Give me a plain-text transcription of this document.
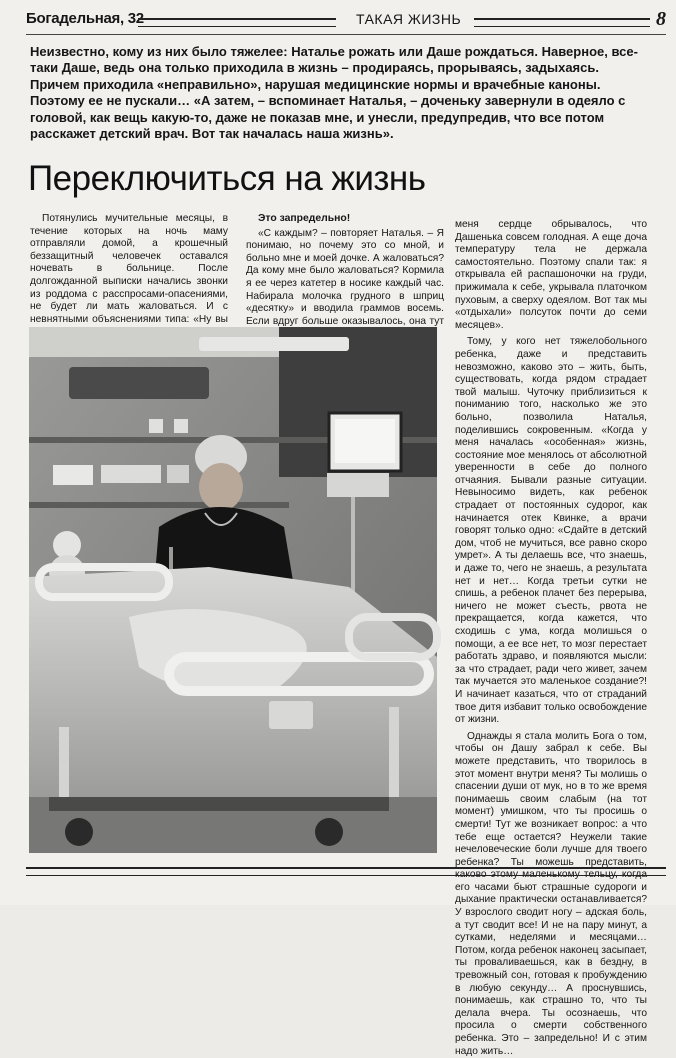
Богадельная, 32	ТАКАЯ ЖИЗНЬ	8
Неизвестно, кому из них было тяжелее: Наталье рожать или Даше рождаться. Наверное, все-таки Даше, ведь она только приходила в жизнь – продираясь, прорываясь, задыхаясь. Причем приходила «неправильно», нарушая медицинские нормы и врачебные каноны. Поэтому ее не пускали… «А затем, – вспоминает Наталья, – доченьку завернули в одеяло с головой, как вещь какую-то, даже не показав мне, и унесли, предупредив, что все потом расскажет детский врач. Вот так началась наша жизнь».
Переключиться на жизнь

Потянулись мучительные месяцы, в течение которых на ночь маму отправляли домой, а крошечный беззащитный человечек оставался ночевать в больнице. После долгожданной выписки начались звонки из роддома с расспросами-опасениями, не будет ли мать жаловаться. И с невнятными объяснениями типа: «Ну вы

Это запредельно!

«С каждым? – повторяет Наталья. – Я понимаю, но почему это со мной, и больно мне и моей дочке. А жаловаться? Да кому мне было жаловаться? Кормила я ее через катетер в носике каждый час. Набирала молочка грудного в шприц «десятку» и вводила граммов восемь. Если вдруг больше оказывалось, она тут

меня сердце обрывалось, что Дашенька совсем голодная. А еще доча температуру тела не держала самостоятельно. Поэтому спали так: я открывала ей распашоночки на груди, прижимала к себе, укрывала платочком пуховым, а сверху одеялом. Вот так мы «отдыхали» полсуток почти до семи месяцев».

Тому, у кого нет тяжелобольного ребенка, даже и представить невозможно, каково это – жить, быть, существовать, когда рядом страдает твой малыш. Чуточку приблизиться к пониманию того, насколько же это больно, позволила Наталья, поделившись сокровенным. «Когда у меня началась «особенная» жизнь, состояние мое менялось от абсолютной уверенности в себе до полного отчаяния. Бывали разные ситуации. Невыносимо видеть, как ребенок страдает от постоянных судорог, как начинается отек Квинке, а врачи говорят только одно: «Сдайте в детский дом, чтоб не мучиться, все равно скоро умрет». А ты делаешь все, что знаешь, и даже то, чего не знаешь, а результата нет и нет… Когда третьи сутки не спишь, а ребенок плачет без перерыва, ничего не может съесть, рвота не прекращается, когда кажется, что сходишь с ума, когда молишься о помощи, а ее все нет, то мозг перестает работать здраво, и появляются мысли: за что страдает, ради чего живет, зачем так мучается это маленькое создание?! И начинает казаться, что от страданий твое дитя избавит только освобождение от жизни.

Однажды я стала молить Бога о том, чтобы он Дашу забрал к себе. Вы можете представить, что творилось в этот момент внутри меня? Ты молишь о спасении души от мук, но в то же время понимаешь своим слабым (на тот момент) умишком, что ты просишь о смерти! Тут же возникает вопрос: а что тебе еще остается? Неужели такие нечеловеческие боли лучше для твоего ребенка? Ты можешь представить, каково этому маленькому тельцу, когда его часами бьют страшные судороги и дыхание практически останавливается? У взрослого сводит ногу – адская боль, а тут сводит все! И не на пару минут, а сутками, неделями и месяцами… Потом, когда ребенок наконец засыпает, ты проваливаешься, как в бездну, в тревожный сон, готовая к пробуждению в любую секунду… А проснувшись, понимаешь, как страшно то, что ты делала вчера. Ты осознаешь, что просила о смерти собственного ребенка. Это – запредельно! И с этим надо жить…
